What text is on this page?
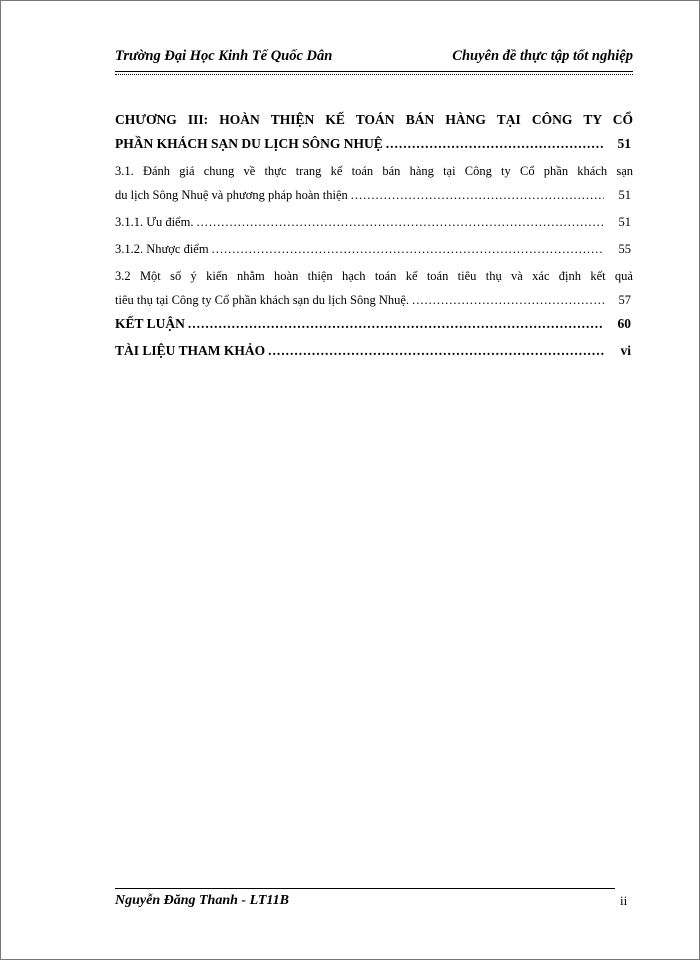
Trường Đại Học Kinh Tế Quốc Dân	Chuyên đề thực tập tốt nghiệp
CHƯƠNG III: HOÀN THIỆN KẾ TOÁN BÁN HÀNG TẠI CÔNG TY CỔ
PHẦN KHÁCH SẠN DU LỊCH SÔNG NHUỆ .....	51
3.1. Đánh giá chung về thực trang kế toán bán hàng tại Công ty Cổ phần khách sạn
du lịch Sông Nhuệ và phương pháp hoàn thiện .....	51
3.1.1. Ưu điểm. .....	51
3.1.2. Nhược điểm .....	55
3.2 Một số ý kiến nhằm hoàn thiện hạch toán kế toán tiêu thụ và xác định kết quả
tiêu thụ tại Công ty Cổ phần khách sạn du lịch Sông Nhuệ. .....	57
KẾT LUẬN .....	60
TÀI LIỆU THAM KHẢO .....	vi
Nguyễn Đăng Thanh - LT11B	ii
